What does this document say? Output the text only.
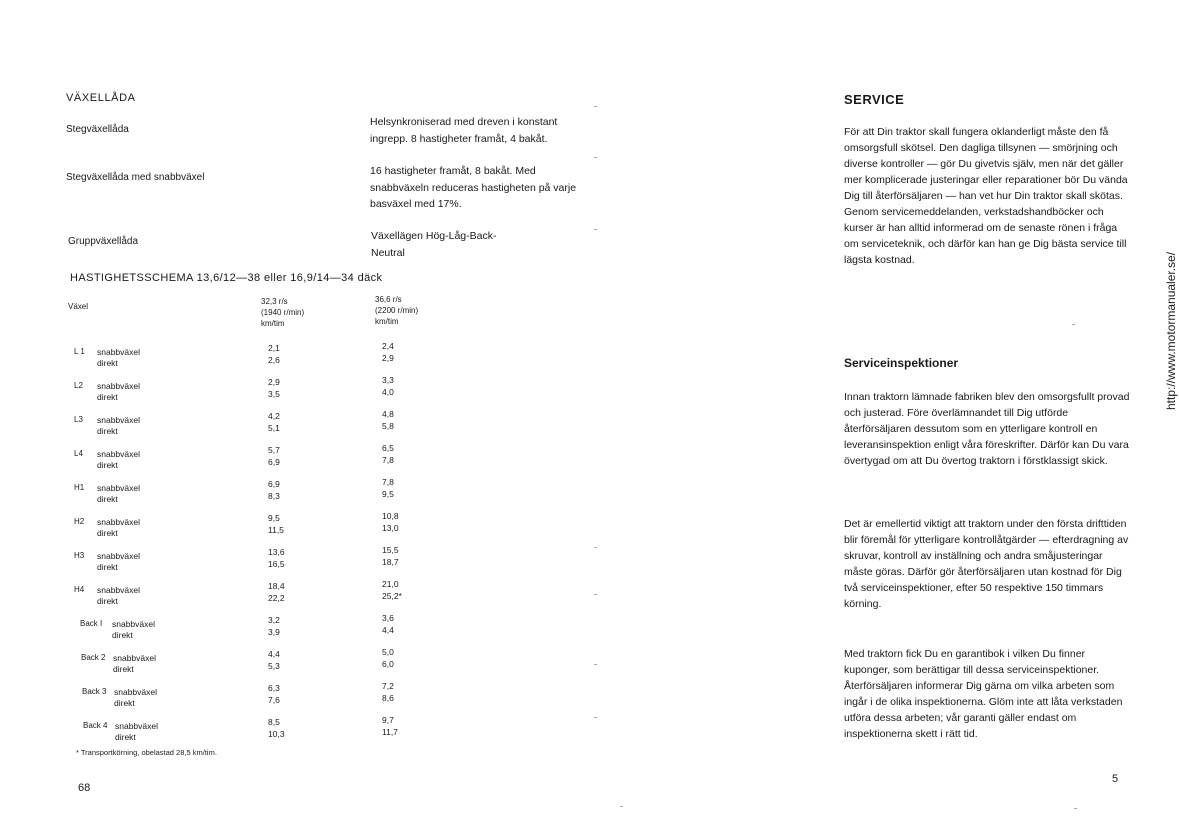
VÄXELLÅDA
Stegväxellåda
Helsynkroniserad med dreven i konstant ingrepp. 8 hastigheter framåt, 4 bakåt.
Stegväxellåda med snabbväxel
16 hastigheter framåt, 8 bakåt. Med snabbväxeln reduceras hastigheten på varje basväxel med 17%.
Gruppväxellåda	Växellägen Hög-Låg-Back-Neutral
HASTIGHETSSCHEMA 13,6/12—38 eller 16,9/14—34 däck
Växel
32,3 r/s
(1940 r/min)
km/tim
36,6 r/s
(2200 r/min)
km/tim
L 1 snabbväxel
direkt
2,1
2,6
2,4
2,9
L2 snabbväxel
direkt
2,9
3,5
3,3
4,0
L3 snabbväxel
direkt
4,2
5,1
4,8
5,8
L4 snabbväxel
direkt
5,7
6,9
6,5
7,8
H1 snabbväxel
direkt
6,9
8,3
7,8
9,5
H2 snabbväxel
direkt
9,5
11,5
10,8
13,0
H3 snabbväxel
direkt
13,6
16,5
15,5
18,7
H4 snabbväxel
direkt
18,4
22,2
21,0
25,2*
Back I snabbväxel
direkt
3,2
3,9
3,6
4,4
Back 2 snabbväxel
direkt
4,4
5,3
5,0
6,0
Back 3 snabbväxel
direkt
6,3
7,6
7,2
8,6
Back 4 snabbväxel
direkt
8,5
10,3
9,7
11,7
* Transportkörning, obelastad 28,5 km/tim.
68
SERVICE
För att Din traktor skall fungera oklanderligt måste den få omsorgsfull skötsel. Den dagliga tillsynen — smörjning och diverse kontroller — gör Du givetvis själv, men när det gäller mer komplicerade justeringar eller reparationer bör Du vända Dig till återförsäljaren — han vet hur Din traktor skall skötas. Genom servicemeddelanden, verkstadshandböcker och kurser är han alltid informerad om de senaste rönen i fråga om serviceteknik, och därför kan han ge Dig bästa service till lägsta kostnad.
Serviceinspektioner
Innan traktorn lämnade fabriken blev den omsorgsfullt provad och justerad. Före överlämnandet till Dig utförde återförsäljaren dessutom som en ytterligare kontroll en leveransinspektion enligt våra föreskrifter. Därför kan Du vara övertygad om att Du övertog traktorn i förstklassigt skick.
Det är emellertid viktigt att traktorn under den första drifttiden blir föremål för ytterligare kontrollåtgärder — efterdragning av skruvar, kontroll av inställning och andra småjusteringar måste göras. Därför gör återförsäljaren utan kostnad för Dig två serviceinspektioner, efter 50 respektive 150 timmars körning.
Med traktorn fick Du en garantibok i vilken Du finner kuponger, som berättigar till dessa serviceinspektioner. Återförsäljaren informerar Dig gärna om vilka arbeten som ingår i de olika inspektionerna. Glöm inte att låta verkstaden utföra dessa arbeten; vår garanti gäller endast om inspektionerna skett i rätt tid.
5
http://www.motormanualer.se/
